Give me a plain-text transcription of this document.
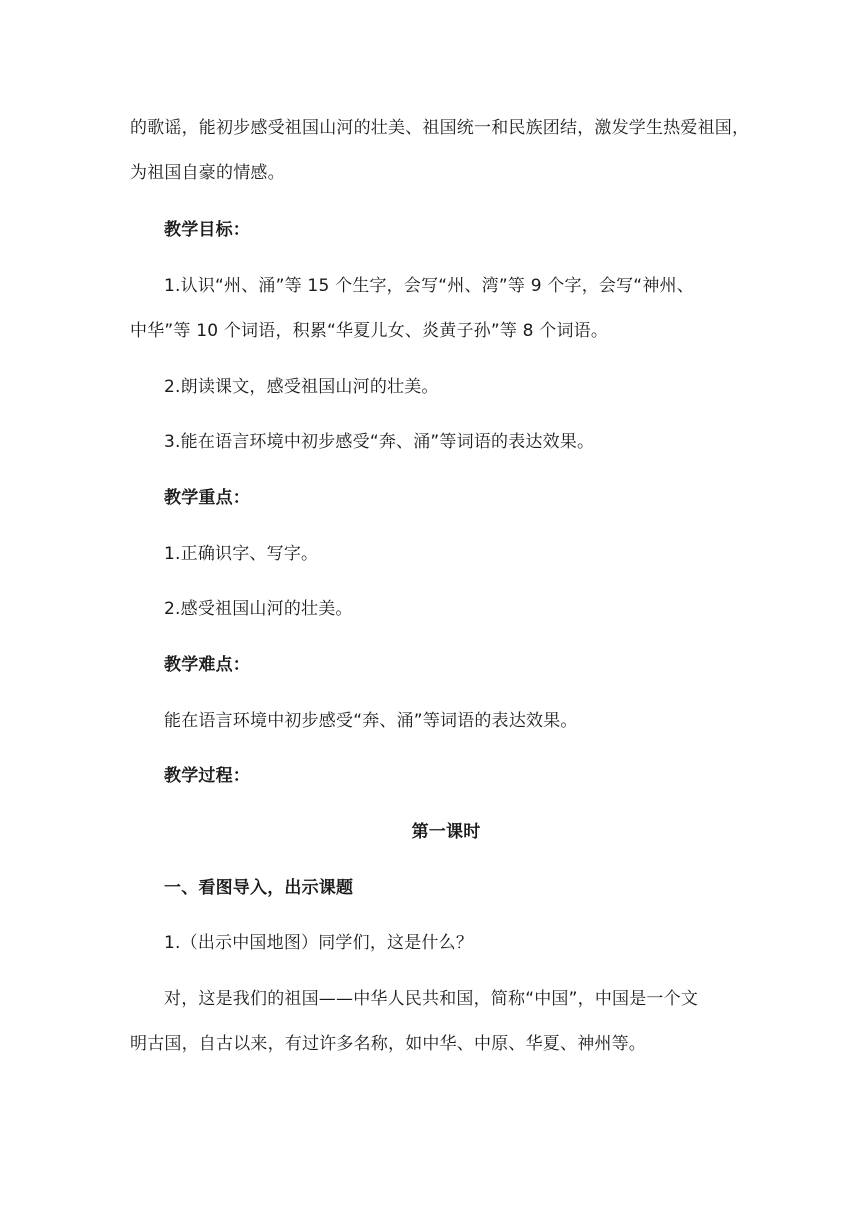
的歌谣，能初步感受祖国山河的壮美、祖国统一和民族团结，激发学生热爱祖国，
为祖国自豪的情感。
教学目标：
1.认识“州、涌”等 15 个生字，会写“州、湾”等 9 个字，会写“神州、
中华”等 10 个词语，积累“华夏儿女、炎黄子孙”等 8 个词语。
2.朗读课文，感受祖国山河的壮美。
3.能在语言环境中初步感受“奔、涌”等词语的表达效果。
教学重点：
1.正确识字、写字。
2.感受祖国山河的壮美。
教学难点：
能在语言环境中初步感受“奔、涌”等词语的表达效果。
教学过程：
第一课时
一、看图导入，出示课题
1.（出示中国地图）同学们，这是什么？
对，这是我们的祖国——中华人民共和国，简称“中国”，中国是一个文
明古国，自古以来，有过许多名称，如中华、中原、华夏、神州等。
